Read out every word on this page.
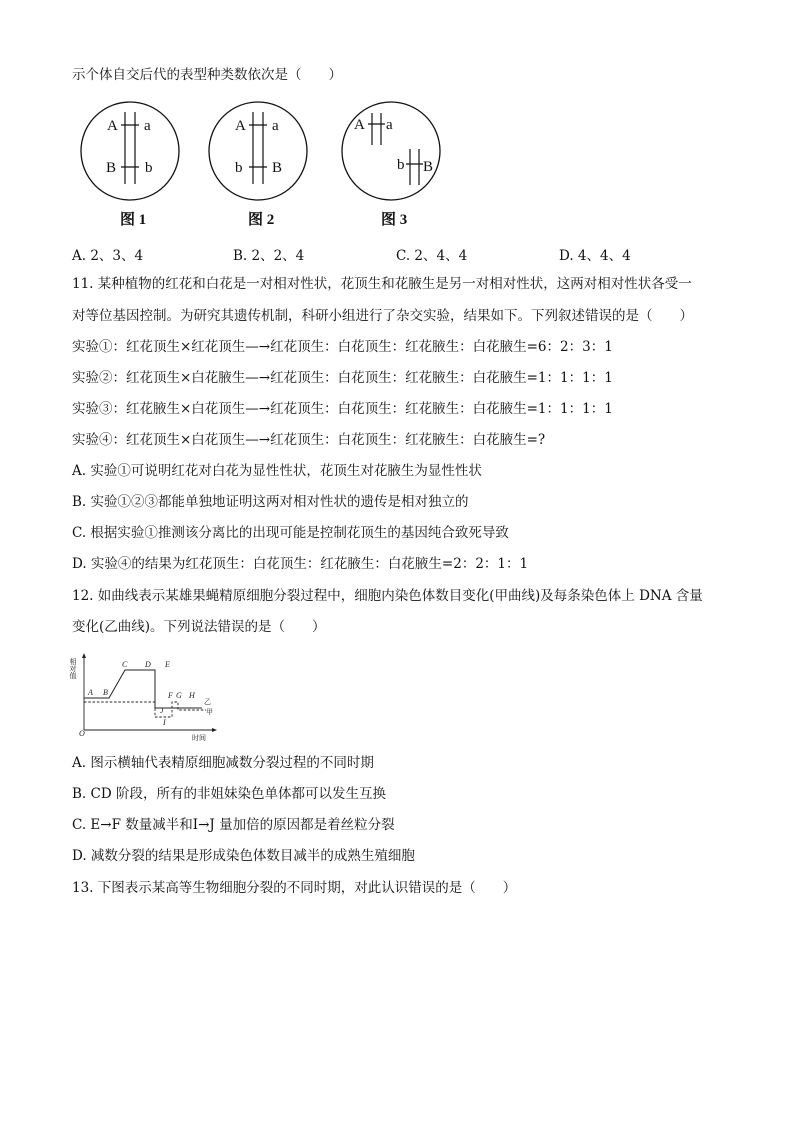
示个体自交后代的表型种类数依次是（　　）
A a
B b
图 1
A a
b B
图 2
A a
b B
图 3
A. 2、3、4	B. 2、2、4	C. 2、4、4	D. 4、4、4
11. 某种植物的红花和白花是一对相对性状，花顶生和花腋生是另一对相对性状，这两对相对性状各受一
对等位基因控制。为研究其遗传机制，科研小组进行了杂交实验，结果如下。下列叙述错误的是（　　）
实验①：红花顶生×红花顶生—→红花顶生：白花顶生：红花腋生：白花腋生=6：2：3：1
实验②：红花顶生×白花腋生—→红花顶生：白花顶生：红花腋生：白花腋生=1：1：1：1
实验③：红花腋生×白花顶生—→红花顶生：白花顶生：红花腋生：白花腋生=1：1：1：1
实验④：红花顶生×白花顶生—→红花顶生：白花顶生：红花腋生：白花腋生=?
A. 实验①可说明红花对白花为显性性状，花顶生对花腋生为显性性状
B. 实验①②③都能单独地证明这两对相对性状的遗传是相对独立的
C. 根据实验①推测该分离比的出现可能是控制花顶生的基因纯合致死导致
D. 实验④的结果为红花顶生：白花顶生：红花腋生：白花腋生=2：2：1：1
12. 如曲线表示某雄果蝇精原细胞分裂过程中，细胞内染色体数目变化(甲曲线)及每条染色体上 DNA 含量
变化(乙曲线)。下列说法错误的是（　　）
相对值
时间
O
A B
C D E
F G H
I
J
乙
甲
A. 图示横轴代表精原细胞减数分裂过程的不同时期
B. CD 阶段，所有的非姐妹染色单体都可以发生互换
C. E→F 数量减半和Ⅰ→J 量加倍的原因都是着丝粒分裂
D. 减数分裂的结果是形成染色体数目减半的成熟生殖细胞
13. 下图表示某高等生物细胞分裂的不同时期，对此认识错误的是（　　）
